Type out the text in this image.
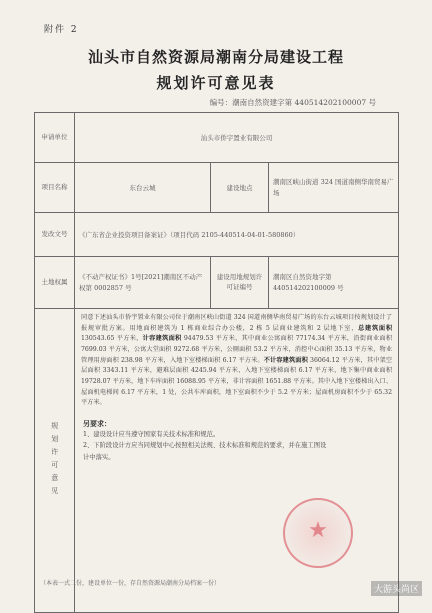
附件 2
汕头市自然资源局潮南分局建设工程
规划许可意见表
编号：潮南自然资建字第 440514202100007 号
申请单位	汕头市侨宇置业有限公司		
项目名称	东台云城	建设地点	潮南区峡山街道 324 国道南侧华南贸易广场
发改文号	《广东省企业投资项目备案证》（项目代码 2105-440514-04-01-580860）		
土地权属	《不动产权证书》1号[2021]潮南区不动产权第 0002857 号	建设用地规划许可证编号	潮南区自然资地字第 440514202100009 号

规划许可意见	同意下述汕头市侨宇置业有限公司位于潮南区峡山街道 324 国道南侧华南贸易广场的东台云城项目按规划设计了报规审批方案。用地面积建筑为 1 栋商业综合办公楼，2 栋 5 层商业建筑和 2 层地下室，总建筑面积 130543.65 平方米，计容建筑面积 94479.53 平方米，其中商业公寓面积 77174.34 平方米，沿街商业面积 7699.03 平方米，公寓大堂面积 9272.68 平方米，公厕面积 53.2 平方米，消控中心面积 35.13 平方米，物业管理用房面积 238.98 平方米，入地下室楼梯面积 6.17 平方米。不计容建筑面积 36064.12 平方米，其中架空层面积 3343.11 平方米，避难层面积 4245.94 平方米，入地下室楼梯面积 6.17 平方米，地下集中商业面积 19728.07 平方米，地下车库面积 16088.95 平方米，非计容面积 1651.88 平方米。其中入地下室楼梯出入口、屋面机电梯间 6.17 平方米，1 处，公共车库面积，地下室面积不少于 5.2 平方米；屋面机房面积不少于 65.32 平方米。
另要求：
1、建设设计应当遵守国家有关技术标准和规范。
2、下阶段设计方应当同规划中心按照相关法规、技术标准和规范的要求，并在施工图设计中落实。		
★
（本表一式二份，建设单位一份，存自然资源局潮南分局档案一份）
大游头尚区
